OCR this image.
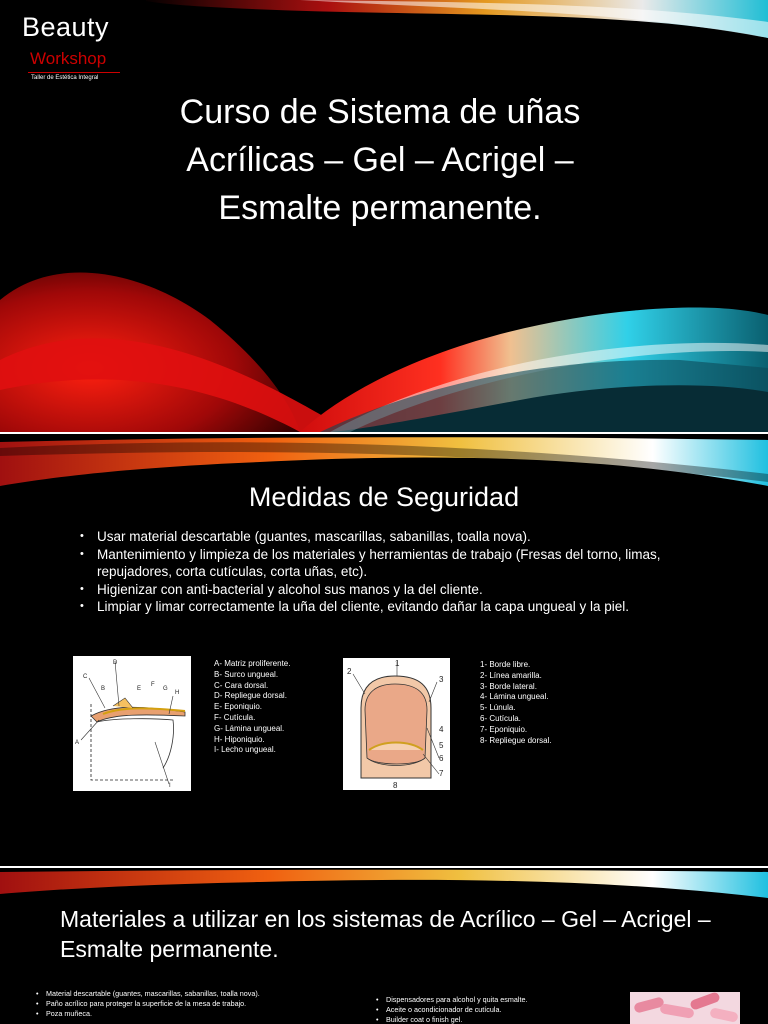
Beauty
Workshop
Taller de Estética Integral
Curso de Sistema de uñas
Acrílicas – Gel – Acrigel –
Esmalte permanente.
Medidas de Seguridad
• Usar material descartable (guantes, mascarillas, sabanillas, toalla nova).
• Mantenimiento y limpieza de los materiales y herramientas de trabajo (Fresas del torno, limas, repujadores, corta cutículas, corta uñas, etc).
• Higienizar con anti-bacterial y alcohol sus manos y la del cliente.
• Limpiar y limar correctamente la uña del cliente, evitando dañar la capa ungueal y la piel.
D
C
B	E
F
G
H
A
I
A- Matriz proliferente.
B- Surco ungueal.
C- Cara dorsal.
D- Repliegue dorsal.
E- Eponiquio.
F- Cutícula.
G- Lámina ungueal.
H- Hiponiquio.
I- Lecho ungueal.
1
2
3
4
5
6
7
8
1- Borde libre.
2- Línea amarilla.
3- Borde lateral.
4- Lámina ungueal.
5- Lúnula.
6- Cutícula.
7- Eponiquio.
8- Repliegue dorsal.
Materiales a utilizar en los sistemas de Acrílico – Gel – Acrigel – Esmalte permanente.
• Material descartable (guantes, mascarillas, sabanillas, toalla nova).
• Paño acrílico para proteger la superficie de la mesa de trabajo.
• Poza muñeca.
• Dispensadores para alcohol y quita esmalte.
• Aceite o acondicionador de cutícula.
• Builder coat o finish gel.
